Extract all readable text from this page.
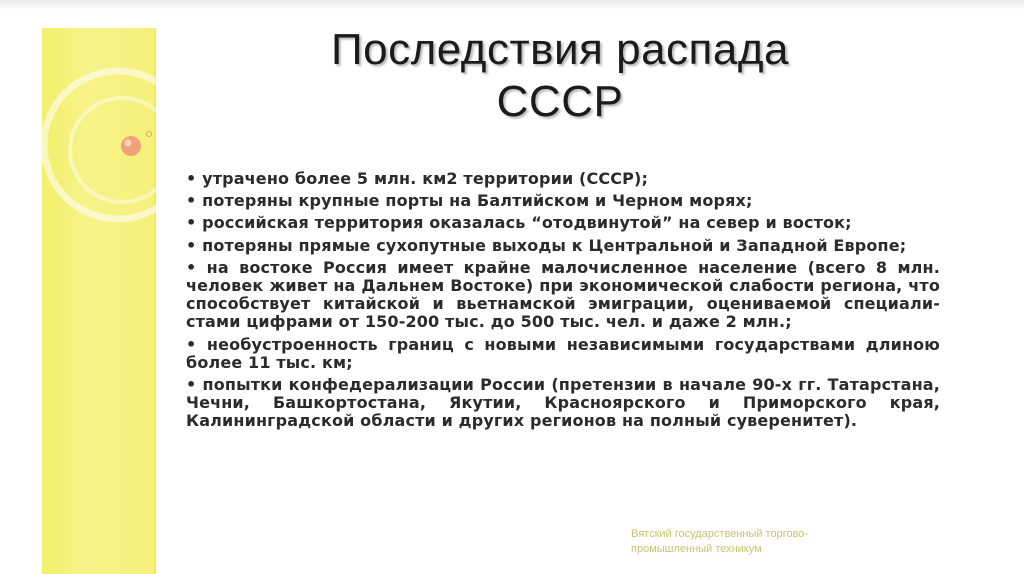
Последствия распада
СССР

• утрачено более 5 млн. км2 территории (СССР);

• потеряны крупные порты на Балтийском и Черном морях;

• российская территория оказалась “отодвинутой” на север и восток;

• потеряны прямые сухопутные выходы к Центральной и Западной Европе;

• на востоке Россия имеет крайне малочисленное население (всего 8 млн. человек живет на Дальнем Востоке) при экономической слабости региона, что способствует китайской и вьетнамской эмиграции, оцениваемой специали-стами цифрами от 150-200 тыс. до 500 тыс. чел. и даже 2 млн.;

• необустроенность границ с новыми независимыми государствами длиною более 11 тыс. км;

• попытки конфедерализации России (претензии в начале 90-х гг. Татарстана, Чечни, Башкортостана, Якутии, Красноярского и Приморского края, Калининградской области и других регионов на полный суверенитет).

Вятский государственный торгово-
промышленный техникум
